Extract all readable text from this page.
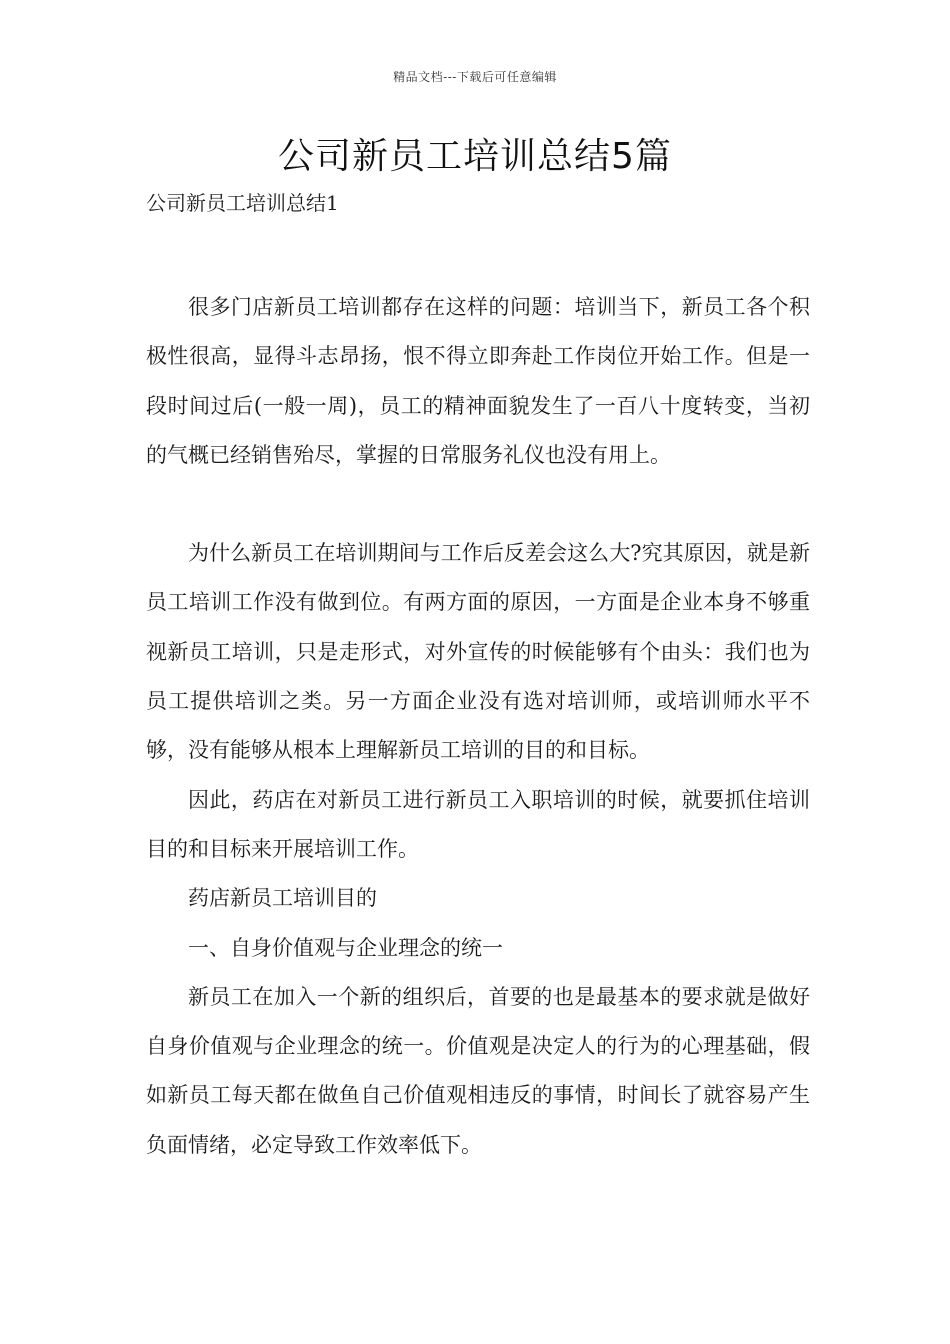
精品文档---下载后可任意编辑
公司新员工培训总结5篇
公司新员工培训总结1

很多门店新员工培训都存在这样的问题：培训当下，新员工各个积极性很高，显得斗志昂扬，恨不得立即奔赴工作岗位开始工作。但是一段时间过后(一般一周)，员工的精神面貌发生了一百八十度转变，当初的气概已经销售殆尽，掌握的日常服务礼仪也没有用上。

为什么新员工在培训期间与工作后反差会这么大?究其原因，就是新员工培训工作没有做到位。有两方面的原因，一方面是企业本身不够重视新员工培训，只是走形式，对外宣传的时候能够有个由头：我们也为员工提供培训之类。另一方面企业没有选对培训师，或培训师水平不够，没有能够从根本上理解新员工培训的目的和目标。

因此，药店在对新员工进行新员工入职培训的时候，就要抓住培训目的和目标来开展培训工作。

药店新员工培训目的

一、自身价值观与企业理念的统一

新员工在加入一个新的组织后，首要的也是最基本的要求就是做好自身价值观与企业理念的统一。价值观是决定人的行为的心理基础，假如新员工每天都在做鱼自己价值观相违反的事情，时间长了就容易产生负面情绪，必定导致工作效率低下。
